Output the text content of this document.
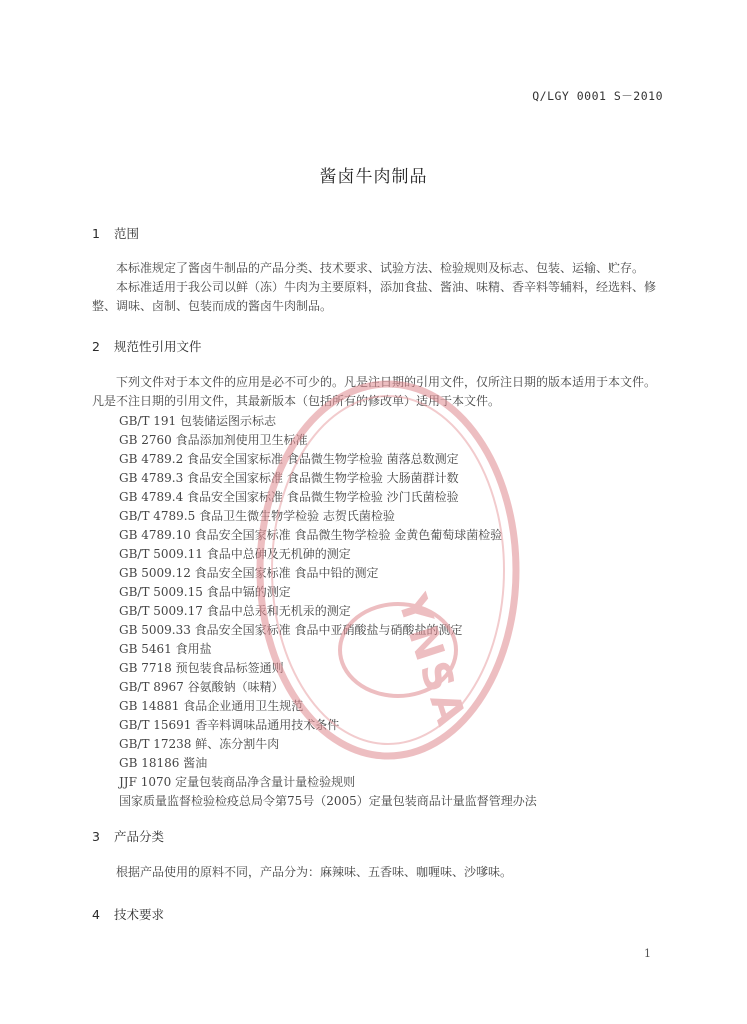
Q/LGY 0001 S－2010
酱卤牛肉制品
1 范围

本标准规定了酱卤牛制品的产品分类、技术要求、试验方法、检验规则及标志、包装、运输、贮存。

本标准适用于我公司以鲜（冻）牛肉为主要原料，添加食盐、酱油、味精、香辛料等辅料，经选料、修整、调味、卤制、包装而成的酱卤牛肉制品。

2 规范性引用文件

下列文件对于本文件的应用是必不可少的。凡是注日期的引用文件，仅所注日期的版本适用于本文件。凡是不注日期的引用文件，其最新版本（包括所有的修改单）适用于本文件。

GB/T 191 包装储运图示标志
GB 2760 食品添加剂使用卫生标准
GB 4789.2 食品安全国家标准 食品微生物学检验 菌落总数测定
GB 4789.3 食品安全国家标准 食品微生物学检验 大肠菌群计数
GB 4789.4 食品安全国家标准 食品微生物学检验 沙门氏菌检验
GB/T 4789.5 食品卫生微生物学检验 志贺氏菌检验
GB 4789.10 食品安全国家标准 食品微生物学检验 金黄色葡萄球菌检验
GB/T 5009.11 食品中总砷及无机砷的测定
GB 5009.12 食品安全国家标准 食品中铅的测定
GB/T 5009.15 食品中镉的测定
GB/T 5009.17 食品中总汞和无机汞的测定
GB 5009.33 食品安全国家标准 食品中亚硝酸盐与硝酸盐的测定
GB 5461 食用盐
GB 7718 预包装食品标签通则
GB/T 8967 谷氨酸钠（味精）
GB 14881 食品企业通用卫生规范
GB/T 15691 香辛料调味品通用技术条件
GB/T 17238 鲜、冻分割牛肉
GB 18186 酱油
JJF 1070 定量包装商品净含量计量检验规则
国家质量监督检验检疫总局令第75号（2005）定量包装商品计量监督管理办法
3 产品分类

根据产品使用的原料不同，产品分为：麻辣味、五香味、咖喱味、沙嗲味。

4 技术要求
YNSA
1
